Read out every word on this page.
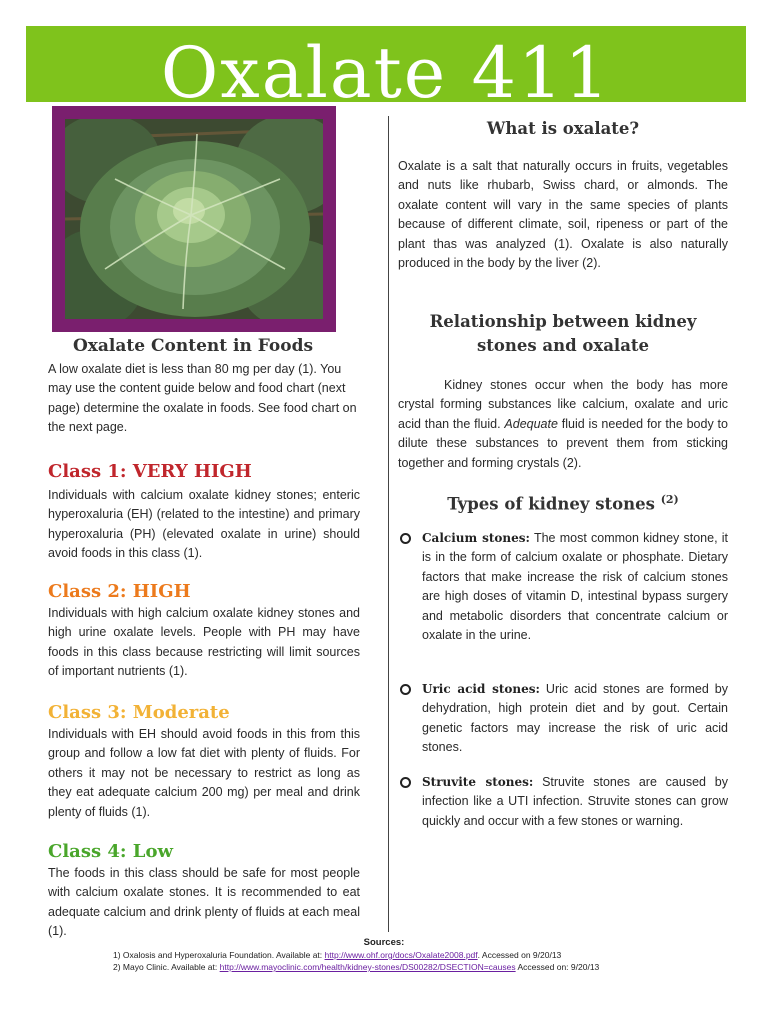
Oxalate 411
Oxalate Content in Foods

A low oxalate diet is less than 80 mg per day (1). You may use the content guide below and food chart (next page) determine the oxalate in foods. See food chart on the next page.

Class 1: VERY HIGH

Individuals with calcium oxalate kidney stones; enteric hyperoxaluria (EH) (related to the intestine) and primary hyperoxaluria (PH) (elevated oxalate in urine) should avoid foods in this class (1).

Class 2: HIGH

Individuals with high calcium oxalate kidney stones and high urine oxalate levels. People with PH may have foods in this class because restricting will limit sources of important nutrients (1).

Class 3: Moderate

Individuals with EH should avoid foods in this from this group and follow a low fat diet with plenty of fluids. For others it may not be necessary to restrict as long as they eat adequate calcium 200 mg) per meal and drink plenty of fluids (1).

Class 4: Low

The foods in this class should be safe for most people with calcium oxalate stones. It is recommended to eat adequate calcium and drink plenty of fluids at each meal (1).

What is oxalate?

Oxalate is a salt that naturally occurs in fruits, vegetables and nuts like rhubarb, Swiss chard, or almonds. The oxalate content will vary in the same species of plants because of different climate, soil, ripeness or part of the plant thas was analyzed (1). Oxalate is also naturally produced in the body by the liver (2).

Relationship between kidney stones and oxalate

Kidney stones occur when the body has more crystal forming substances like calcium, oxalate and uric acid than the fluid. Adequate fluid is needed for the body to dilute these substances to prevent them from sticking together and forming crystals (2).

Types of kidney stones $^{(2)}$

Calcium stones: The most common kidney stone, it is in the form of calcium oxalate or phosphate. Dietary factors that make increase the risk of calcium stones are high doses of vitamin D, intestinal bypass surgery and metabolic disorders that concentrate calcium or oxalate in the urine.

Uric acid stones: Uric acid stones are formed by dehydration, high protein diet and by gout. Certain genetic factors may increase the risk of uric acid stones.

Struvite stones: Struvite stones are caused by infection like a UTI infection. Struvite stones can grow quickly and occur with a few stones or warning.

Sources:
1) Oxalosis and Hyperoxaluria Foundation. Available at: http://www.ohf.org/docs/Oxalate2008.pdf. Accessed on 9/20/13
2) Mayo Clinic. Available at: http://www.mayoclinic.com/health/kidney-stones/DS00282/DSECTION=causes Accessed on: 9/20/13
